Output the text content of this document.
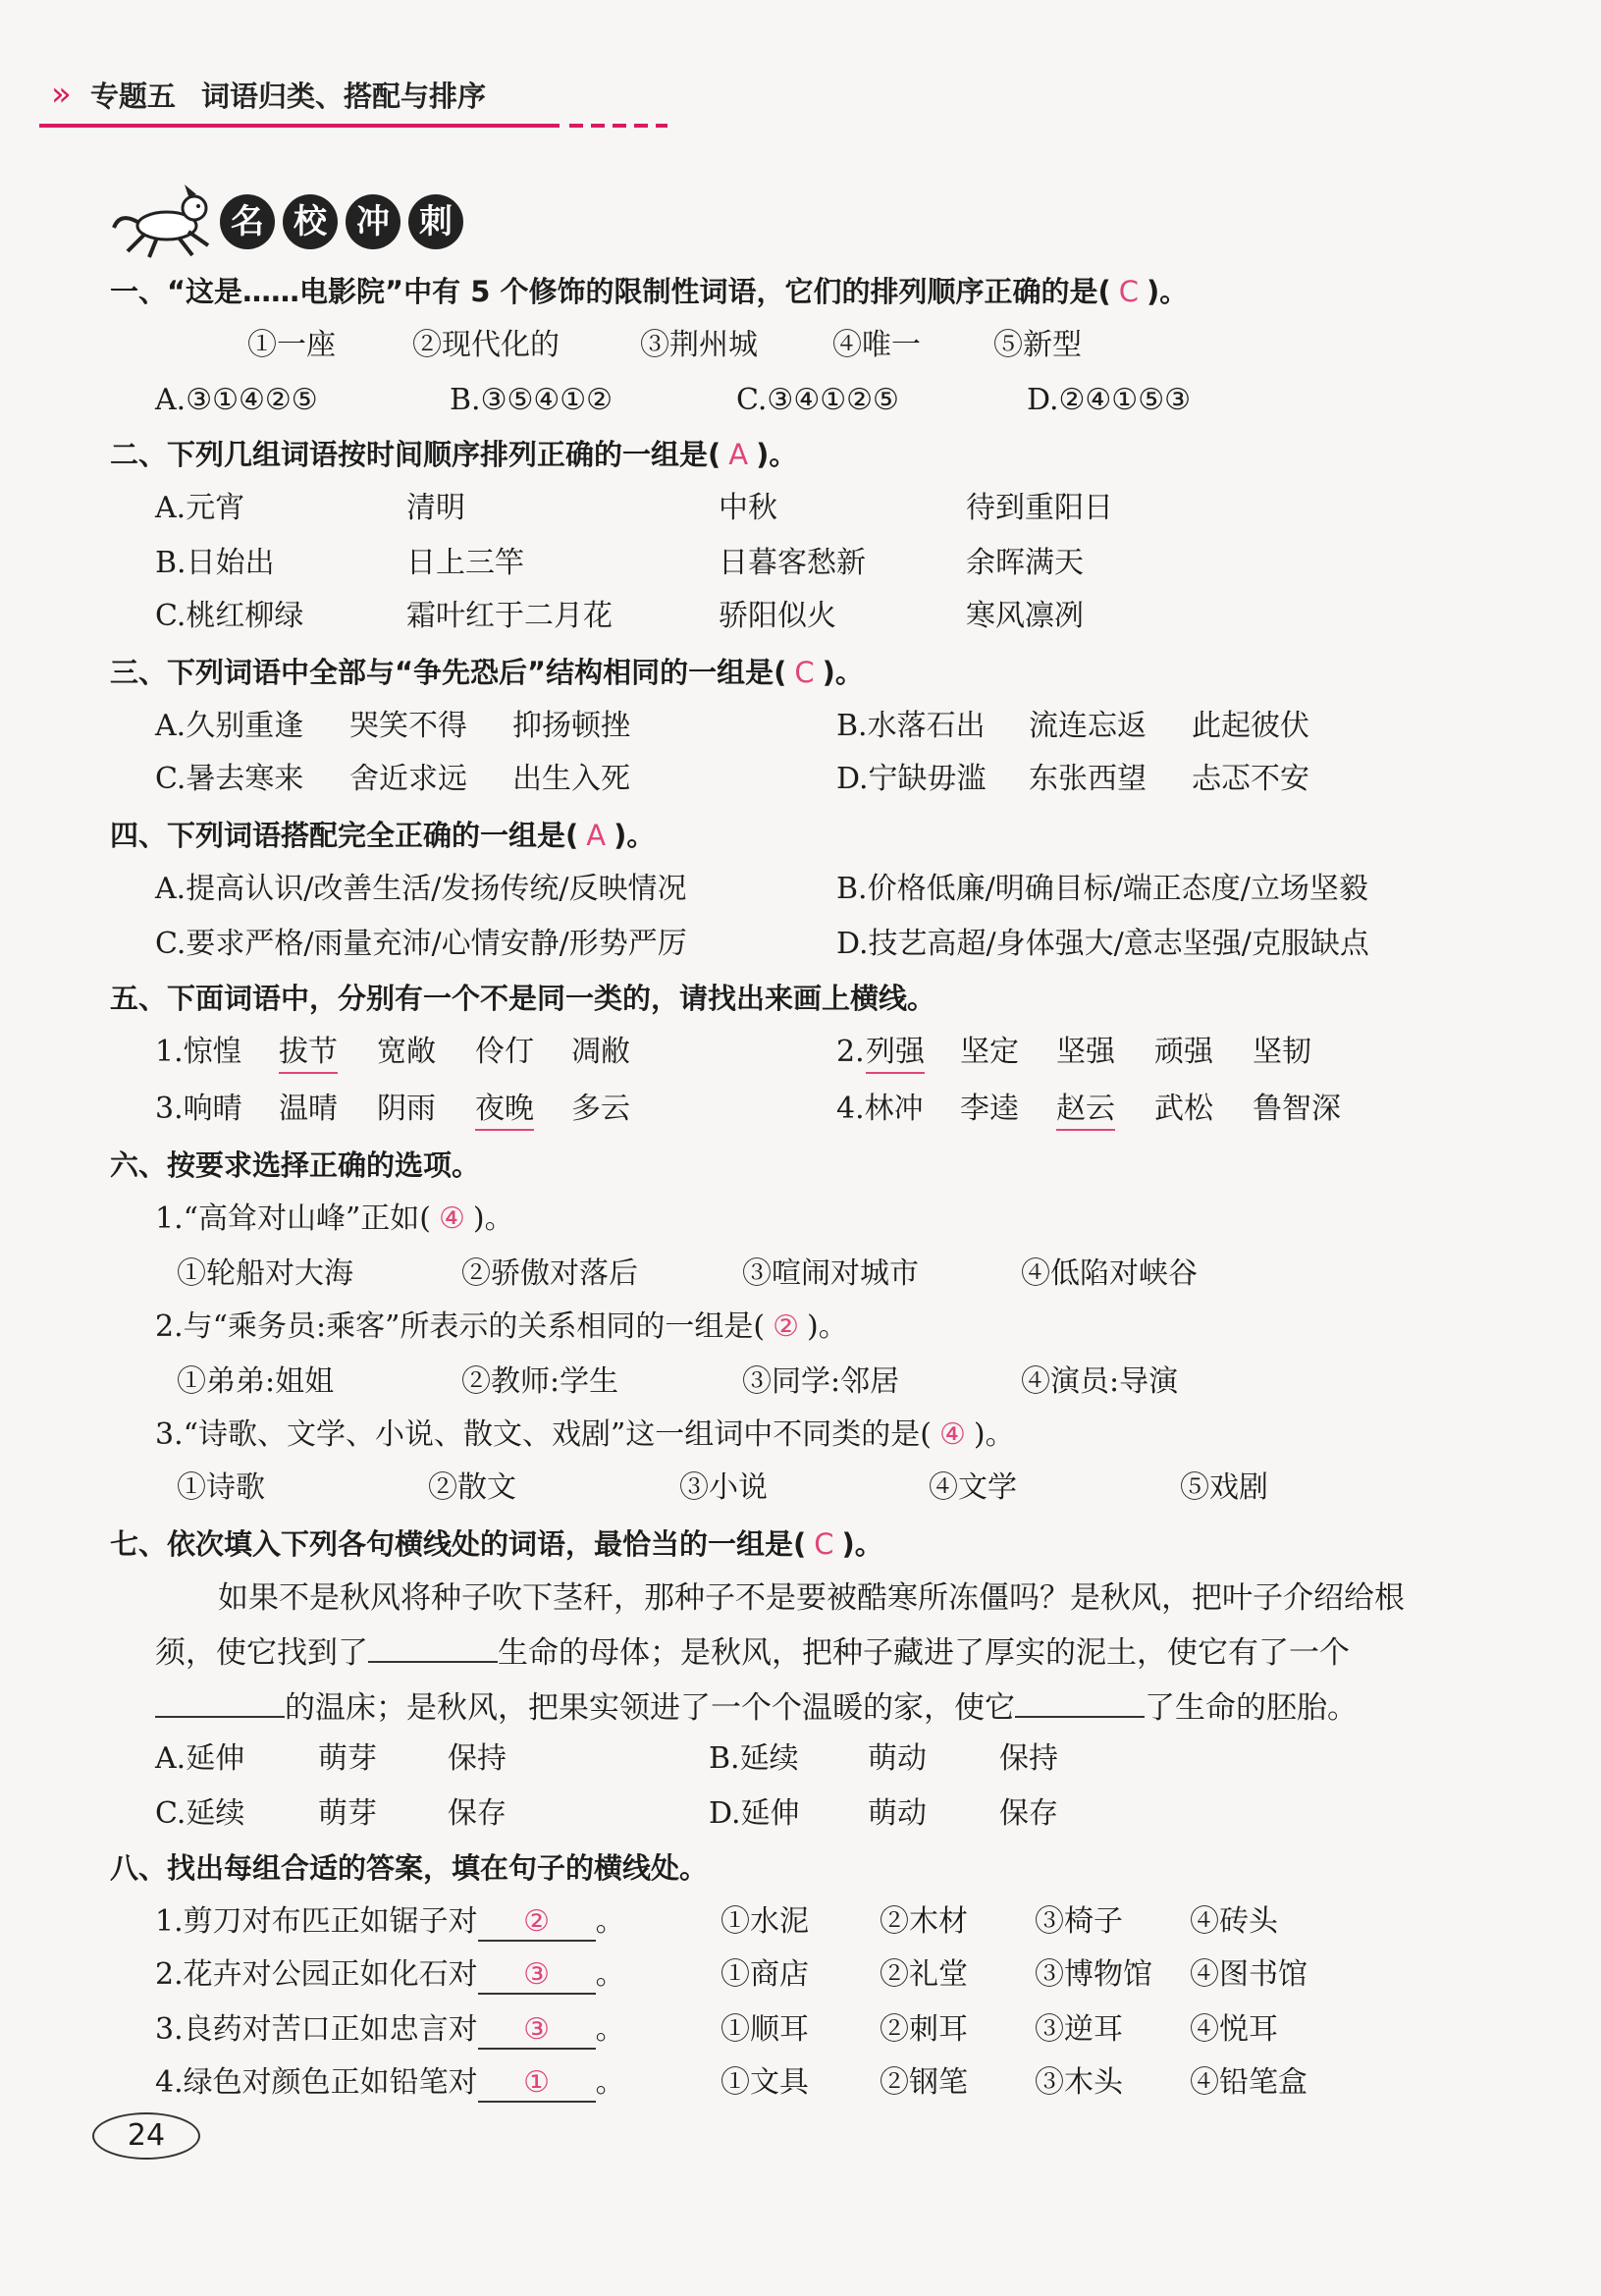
» 专题五 词语归类、搭配与排序
名 校 冲 刺
一、“这是……电影院”中有 5 个修饰的限制性词语，它们的排列顺序正确的是( C )。
①一座	②现代化的	③荆州城	④唯一 ⑤新型
A.③①④②⑤	B.③⑤④①②	C.③④①②⑤	D.②④①⑤③
二、下列几组词语按时间顺序排列正确的一组是( A )。
A.元宵	清明	中秋	待到重阳日
B.日始出	日上三竿	日暮客愁新	余晖满天
C.桃红柳绿	霜叶红于二月花	骄阳似火	寒风凛冽
三、下列词语中全部与“争先恐后”结构相同的一组是( C )。
A.久别重逢 哭笑不得 抑扬顿挫	B.水落石出 流连忘返 此起彼伏
C.暑去寒来 舍近求远 出生入死	D.宁缺毋滥 东张西望 忐忑不安
四、下列词语搭配完全正确的一组是( A )。
A.提高认识/改善生活/发扬传统/反映情况	B.价格低廉/明确目标/端正态度/立场坚毅
C.要求严格/雨量充沛/心情安静/形势严厉	D.技艺高超/身体强大/意志坚强/克服缺点
五、下面词语中，分别有一个不是同一类的，请找出来画上横线。
1.惊惶 拔节 宽敞 伶仃 凋敝	2. 列强 坚定 坚强 顽强 坚韧
3.响晴 温晴 阴雨 夜晚 多云	4.林冲 李逵 赵云 武松 鲁智深
六、按要求选择正确的选项。
1.“高耸对山峰”正如( ④ )。
①轮船对大海	②骄傲对落后	③喧闹对城市	④低陷对峡谷
2.与“乘务员:乘客”所表示的关系相同的一组是( ② )。
①弟弟:姐姐	②教师:学生	③同学:邻居	④演员:导演
3.“诗歌、文学、小说、散文、戏剧”这一组词中不同类的是( ④ )。
①诗歌	②散文	③小说	④文学	⑤戏剧
七、依次填入下列各句横线处的词语，最恰当的一组是( C )。
如果不是秋风将种子吹下茎秆，那种子不是要被酷寒所冻僵吗？是秋风，把叶子介绍给根
须，使它找到了	生命的母体；是秋风，把种子藏进了厚实的泥土，使它有了一个
的温床；是秋风，把果实领进了一个个温暖的家，使它	了生命的胚胎。
A.延伸 萌芽 保持	B.延续 萌动 保持
C.延续 萌芽 保存	D.延伸 萌动 保存
八、找出每组合适的答案，填在句子的横线处。
1.剪刀对布匹正如锯子对 ② 。	①水泥 ②木材 ③椅子 ④砖头
2.花卉对公园正如化石对 ③ 。	①商店 ②礼堂 ③博物馆 ④图书馆
3.良药对苦口正如忠言对 ③ 。	①顺耳 ②刺耳 ③逆耳 ④悦耳
4.绿色对颜色正如铅笔对 ① 。	①文具 ②钢笔 ③木头 ④铅笔盒
24
